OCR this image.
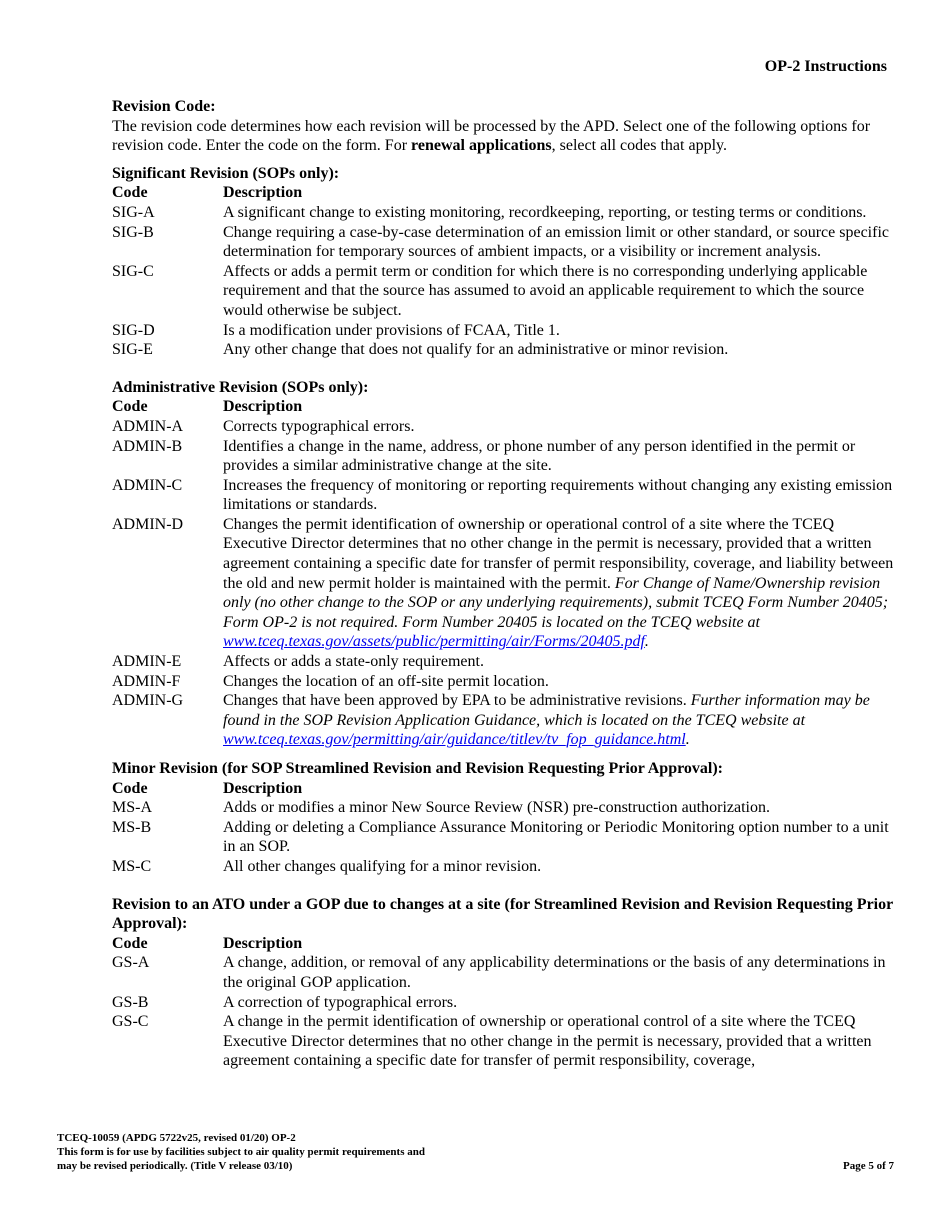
OP-2 Instructions

Revision Code:

The revision code determines how each revision will be processed by the APD. Select one of the following options for revision code. Enter the code on the form. For renewal applications, select all codes that apply.

Significant Revision (SOPs only):

Code	Description
SIG-A	A significant change to existing monitoring, recordkeeping, reporting, or testing terms or conditions.
SIG-B	Change requiring a case-by-case determination of an emission limit or other standard, or source specific determination for temporary sources of ambient impacts, or a visibility or increment analysis.
SIG-C	Affects or adds a permit term or condition for which there is no corresponding underlying applicable requirement and that the source has assumed to avoid an applicable requirement to which the source would otherwise be subject.
SIG-D	Is a modification under provisions of FCAA, Title 1.
SIG-E	Any other change that does not qualify for an administrative or minor revision.

Administrative Revision (SOPs only):

Code	Description
ADMIN-A	Corrects typographical errors.
ADMIN-B	Identifies a change in the name, address, or phone number of any person identified in the permit or provides a similar administrative change at the site.
ADMIN-C	Increases the frequency of monitoring or reporting requirements without changing any existing emission limitations or standards.
ADMIN-D	Changes the permit identification of ownership or operational control of a site where the TCEQ Executive Director determines that no other change in the permit is necessary, provided that a written agreement containing a specific date for transfer of permit responsibility, coverage, and liability between the old and new permit holder is maintained with the permit. For Change of Name/Ownership revision only (no other change to the SOP or any underlying requirements), submit TCEQ Form Number 20405; Form OP-2 is not required. Form Number 20405 is located on the TCEQ website at www.tceq.texas.gov/assets/public/permitting/air/Forms/20405.pdf.
ADMIN-E	Affects or adds a state-only requirement.
ADMIN-F	Changes the location of an off-site permit location.
ADMIN-G	Changes that have been approved by EPA to be administrative revisions. Further information may be found in the SOP Revision Application Guidance, which is located on the TCEQ website at www.tceq.texas.gov/permitting/air/guidance/titlev/tv_fop_guidance.html.

Minor Revision (for SOP Streamlined Revision and Revision Requesting Prior Approval):

Code	Description
MS-A	Adds or modifies a minor New Source Review (NSR) pre-construction authorization.
MS-B	Adding or deleting a Compliance Assurance Monitoring or Periodic Monitoring option number to a unit in an SOP.
MS-C	All other changes qualifying for a minor revision.

Revision to an ATO under a GOP due to changes at a site (for Streamlined Revision and Revision Requesting Prior Approval):

Code	Description
GS-A	A change, addition, or removal of any applicability determinations or the basis of any determinations in the original GOP application.
GS-B	A correction of typographical errors.
GS-C	A change in the permit identification of ownership or operational control of a site where the TCEQ Executive Director determines that no other change in the permit is necessary, provided that a written agreement containing a specific date for transfer of permit responsibility, coverage,
TCEQ-10059 (APDG 5722v25, revised 01/20) OP-2
This form is for use by facilities subject to air quality permit requirements and
may be revised periodically. (Title V release 03/10)	Page 5 of 7
